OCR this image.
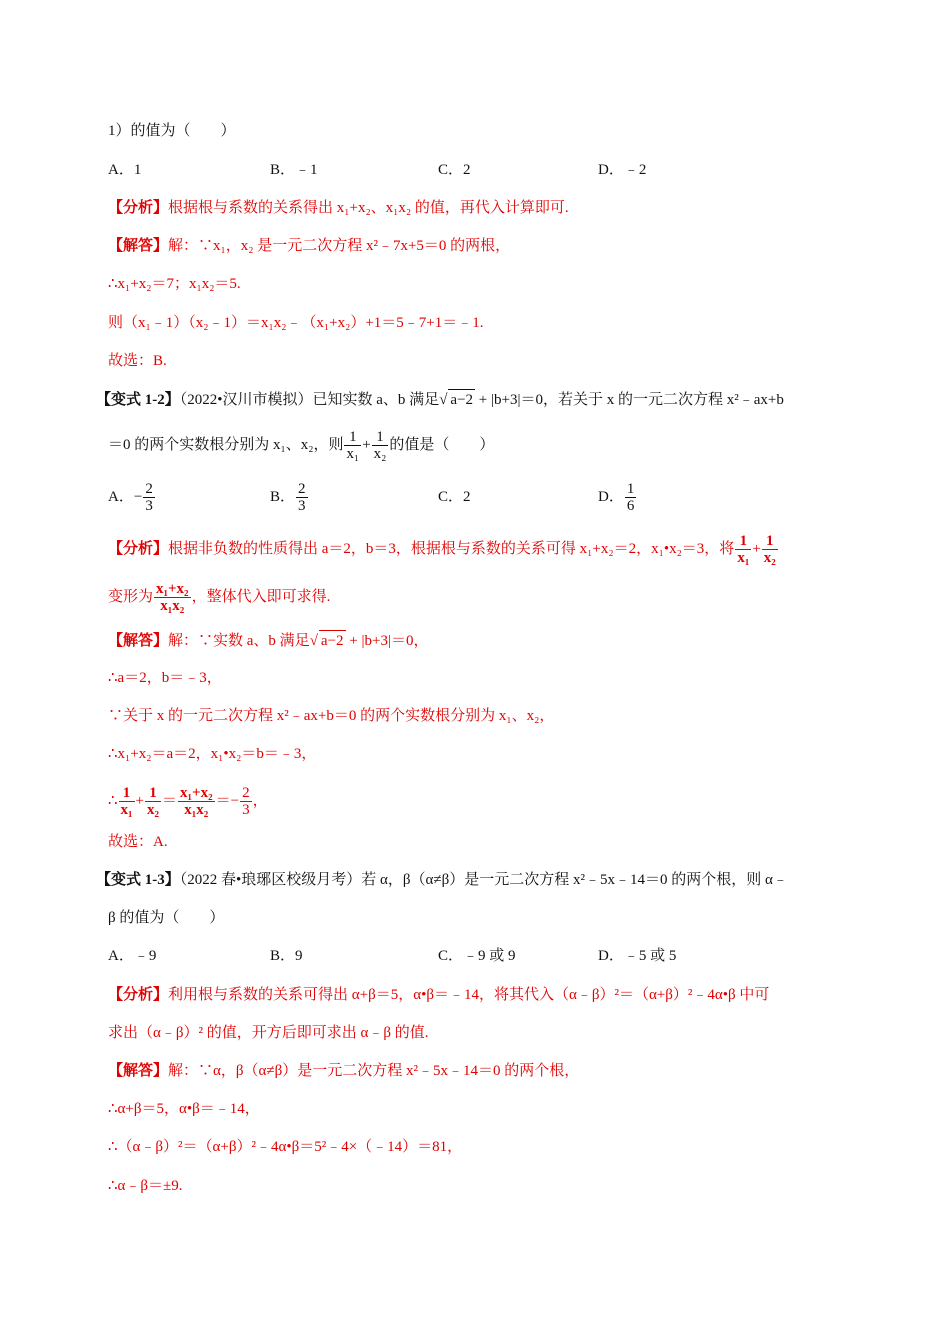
1）的值为（　　）
A．1	B．﹣1	C．2	D．﹣2
【分析】根据根与系数的关系得出 x₁+x₂、x₁x₂ 的值，再代入计算即可.
【解答】解：∵x₁，x₂ 是一元二次方程 x²﹣7x+5＝0 的两根，
∴x₁+x₂＝7；x₁x₂＝5.
则（x₁﹣1）（x₂﹣1）＝x₁x₂﹣（x₁+x₂）+1＝5﹣7+1＝﹣1.
故选：B.
【变式 1-2】（2022•汉川市模拟）已知实数 a、b 满足√ a−2 + |b+3|＝0，若关于 x 的一元二次方程 x²﹣ax+b
＝0 的两个实数根分别为 x₁、x₂，则 $\frac{1}{\text{x₁}} + \frac{1}{\text{x₂}}$ 的值是（　　）
A．− $\frac{2}{3}$	B． $\frac{2}{3}$	C．2	D． $\frac{1}{6}$
【分析】根据非负数的性质得出 a＝2，b＝3，根据根与系数的关系可得 x₁+x₂＝2，x₁•x₂＝3，将 $\frac{1}{\text{x₁}} + \frac{1}{\text{x₂}}$
变形为 $\frac{\text{x₁+x₂}}{\text{x₁x₂}}$ ，整体代入即可求得.
【解答】解：∵实数 a、b 满足√ a−2 + |b+3|＝0，
∴a＝2，b＝﹣3，
∵关于 x 的一元二次方程 x²﹣ax+b＝0 的两个实数根分别为 x₁、x₂，
∴x₁+x₂＝a＝2，x₁•x₂＝b＝﹣3，
∴ $\frac{1}{\text{x₁}} + \frac{1}{\text{x₂}} = \frac{\text{x₁+x₂}}{\text{x₁x₂}} =- \frac{2}{3}$ ，
故选：A.
【变式 1-3】（2022 春•琅琊区校级月考）若 α，β（α≠β）是一元二次方程 x²﹣5x﹣14＝0 的两个根，则 α﹣
β 的值为（　　）
A．﹣9	B．9	C．﹣9 或 9	D．﹣5 或 5
【分析】利用根与系数的关系可得出 α+β＝5，α•β＝﹣14，将其代入（α﹣β）²＝（α+β）²﹣4α•β 中可
求出（α﹣β）² 的值，开方后即可求出 α﹣β 的值.
【解答】解：∵α，β（α≠β）是一元二次方程 x²﹣5x﹣14＝0 的两个根，
∴α+β＝5，α•β＝﹣14，
∴（α﹣β）²＝（α+β）²﹣4α•β＝5²﹣4×（﹣14）＝81，
∴α﹣β＝±9.
